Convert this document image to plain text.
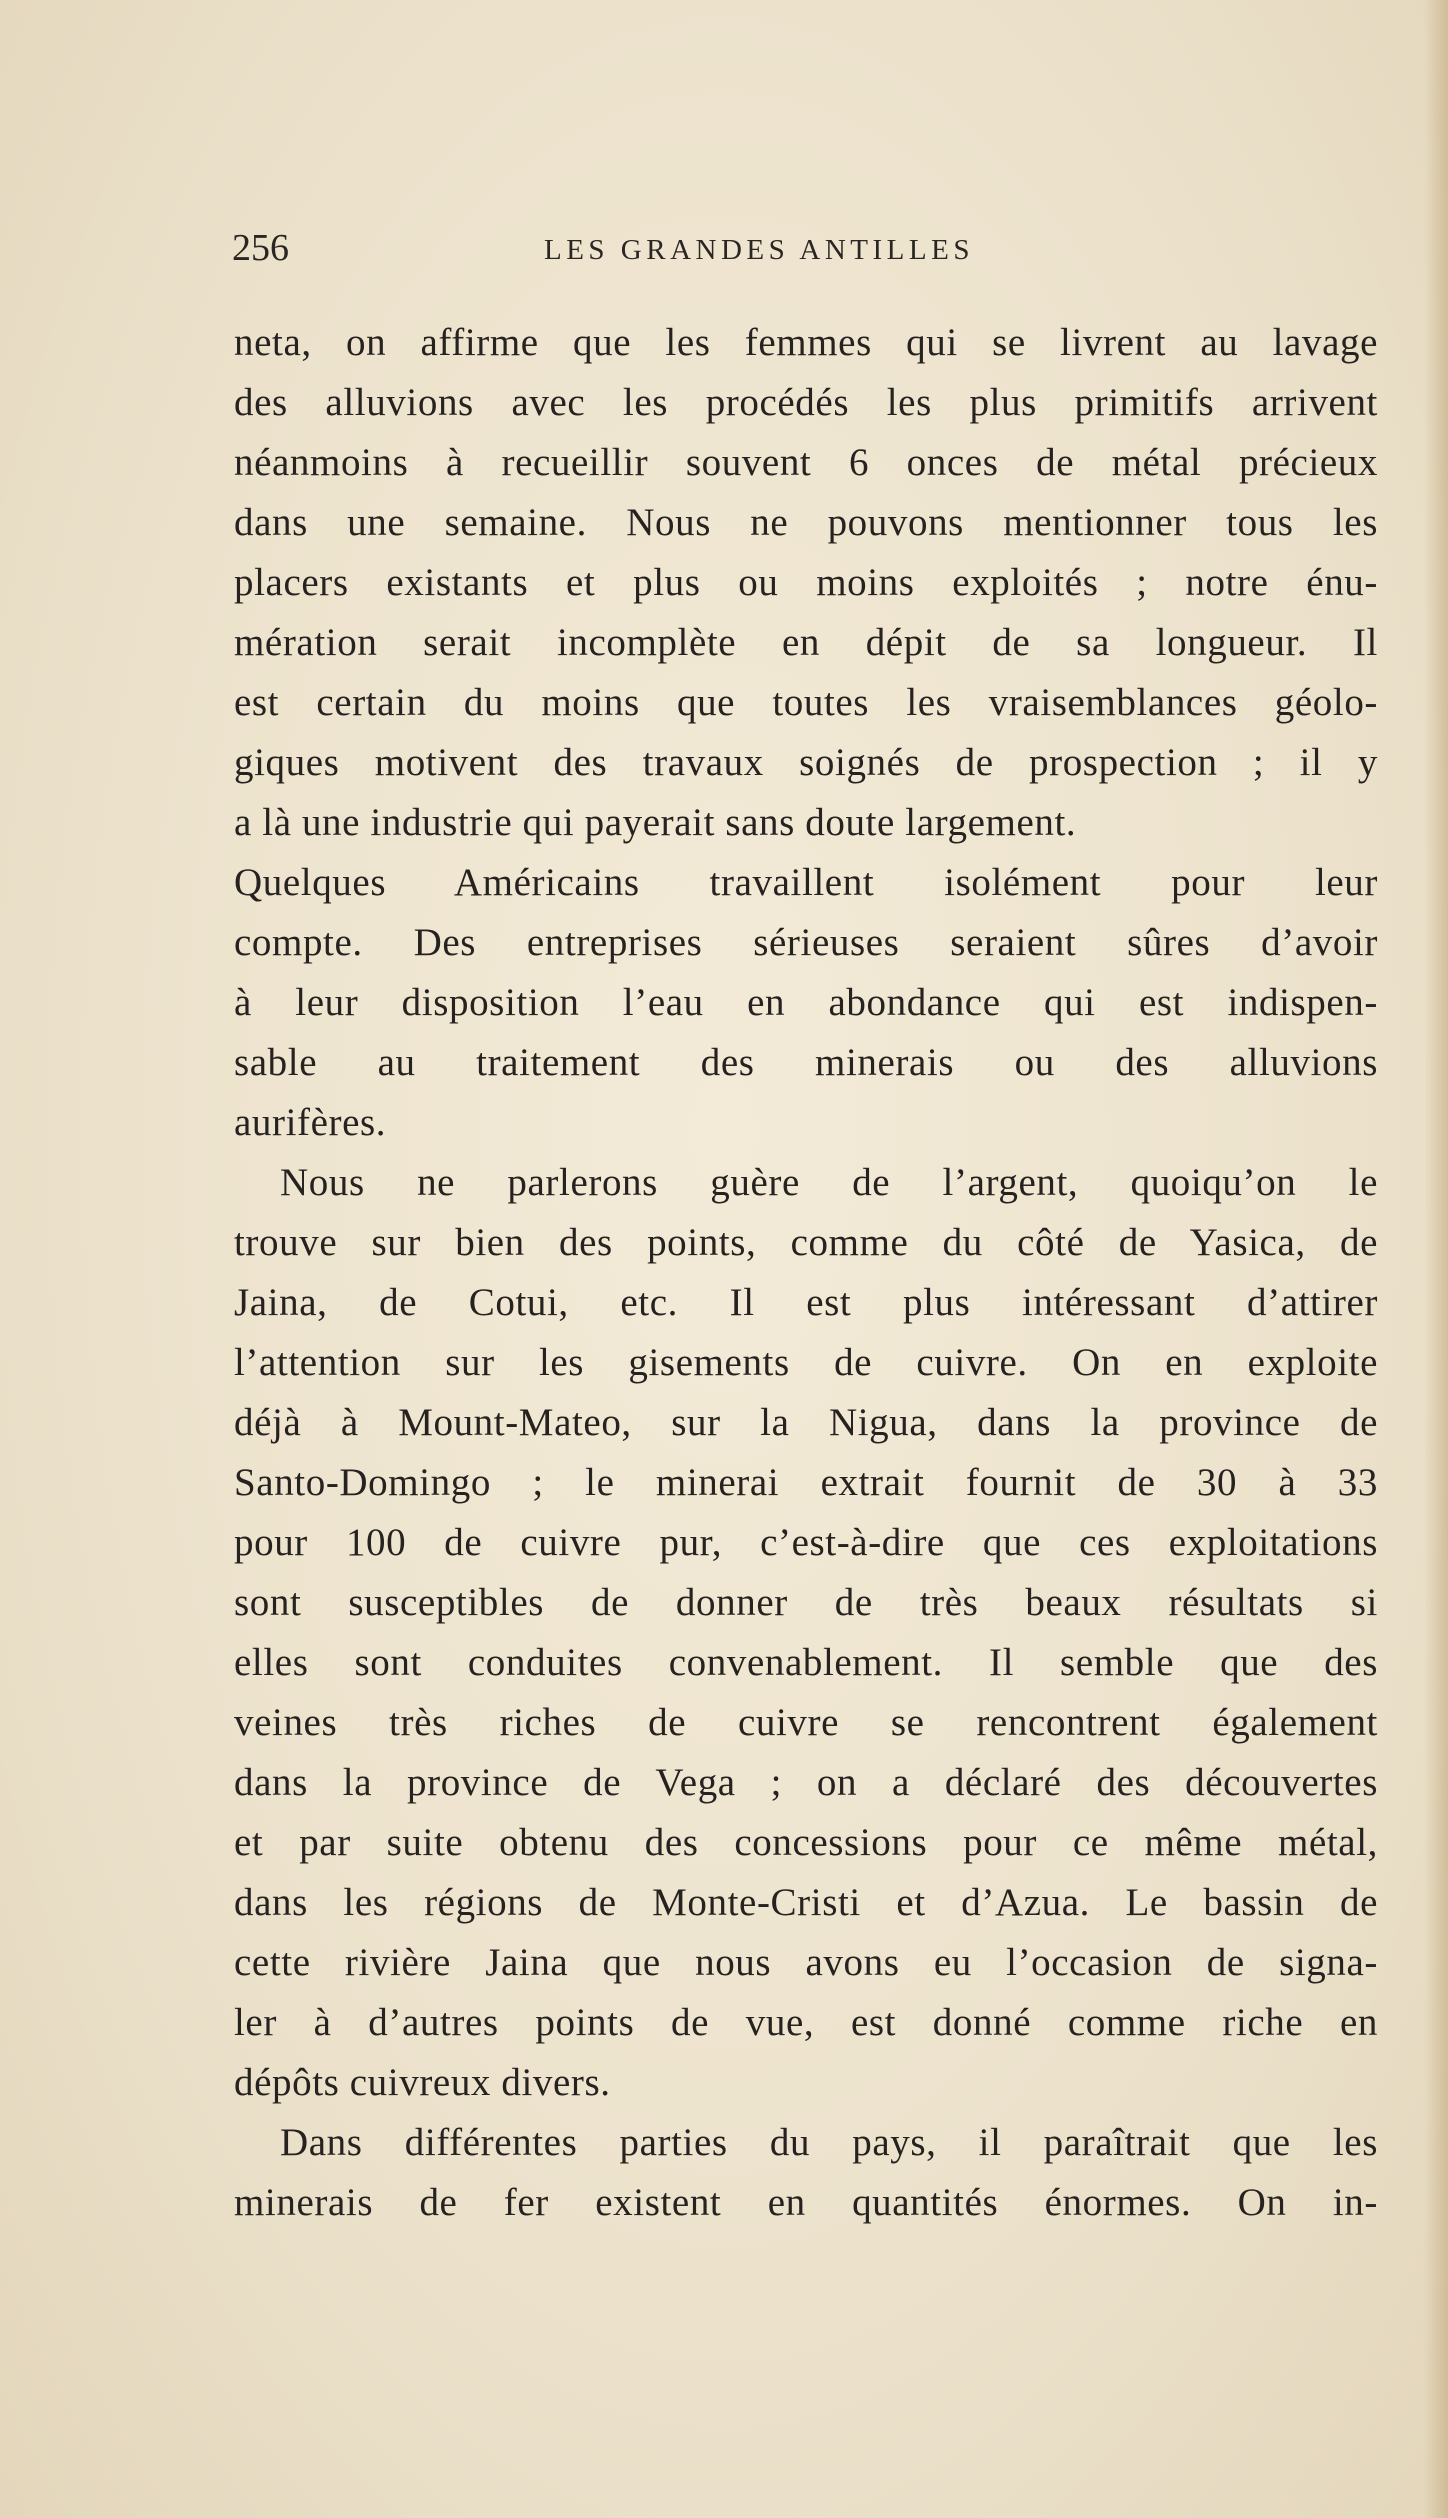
256	LES GRANDES ANTILLES
neta, on affirme que les femmes qui se livrent au lavage
des alluvions avec les procédés les plus primitifs arrivent
néanmoins à recueillir souvent 6 onces de métal précieux
dans une semaine. Nous ne pouvons mentionner tous les
placers existants et plus ou moins exploités ; notre énu-
mération serait incomplète en dépit de sa longueur. Il
est certain du moins que toutes les vraisemblances géolo-
giques motivent des travaux soignés de prospection ; il y
a là une industrie qui payerait sans doute largement.
Quelques Américains travaillent isolément pour leur
compte. Des entreprises sérieuses seraient sûres d’avoir
à leur disposition l’eau en abondance qui est indispen-
sable au traitement des minerais ou des alluvions
aurifères.
Nous ne parlerons guère de l’argent, quoiqu’on le
trouve sur bien des points, comme du côté de Yasica, de
Jaina, de Cotui, etc. Il est plus intéressant d’attirer
l’attention sur les gisements de cuivre. On en exploite
déjà à Mount-Mateo, sur la Nigua, dans la province de
Santo-Domingo ; le minerai extrait fournit de 30 à 33
pour 100 de cuivre pur, c’est-à-dire que ces exploitations
sont susceptibles de donner de très beaux résultats si
elles sont conduites convenablement. Il semble que des
veines très riches de cuivre se rencontrent également
dans la province de Vega ; on a déclaré des découvertes
et par suite obtenu des concessions pour ce même métal,
dans les régions de Monte-Cristi et d’Azua. Le bassin de
cette rivière Jaina que nous avons eu l’occasion de signa-
ler à d’autres points de vue, est donné comme riche en
dépôts cuivreux divers.
Dans différentes parties du pays, il paraîtrait que les
minerais de fer existent en quantités énormes. On in-
